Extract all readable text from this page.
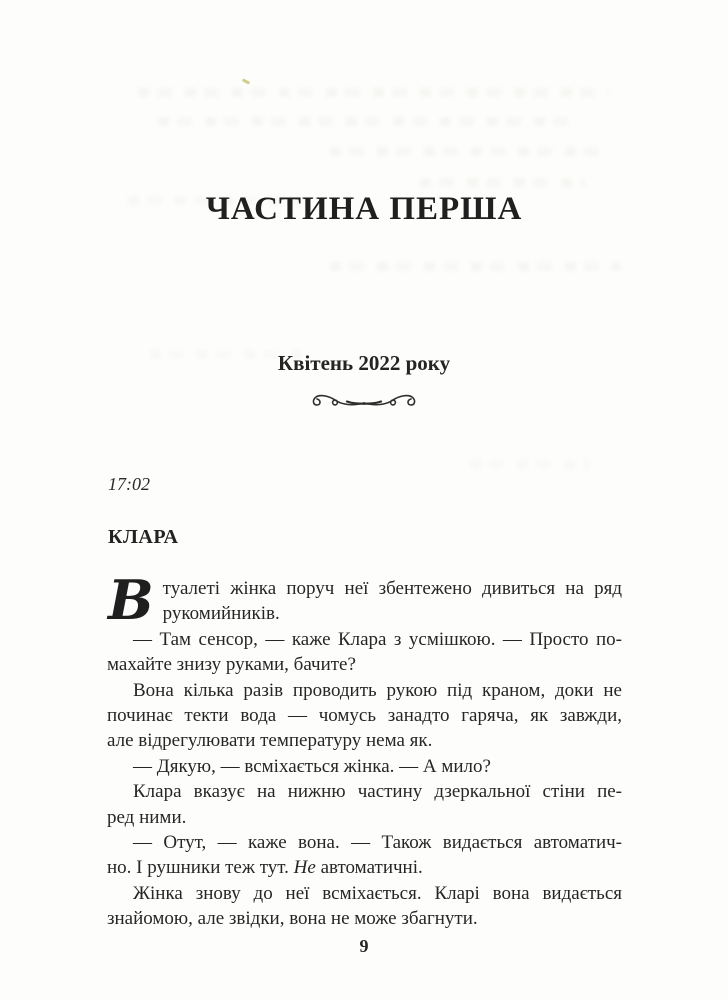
ЧАСТИНА ПЕРША
Квітень 2022 року
17:02
КЛАРА
В туалеті жінка поруч неї збентежено дивиться на ряд
рукомийників.
— Там сенсор, — каже Клара з усмішкою. — Просто по-
махайте знизу руками, бачите?
Вона кілька разів проводить рукою під краном, доки не
починає текти вода — чомусь занадто гаряча, як завжди,
але відрегулювати температуру нема як.
— Дякую, — всміхається жінка. — А мило?
Клара вказує на нижню частину дзеркальної стіни пе-
ред ними.
— Отут, — каже вона. — Також видається автоматич-
но. І рушники теж тут. Не автоматичні.
Жінка знову до неї всміхається. Кларі вона видається
знайомою, але звідки, вона не може збагнути.
9
